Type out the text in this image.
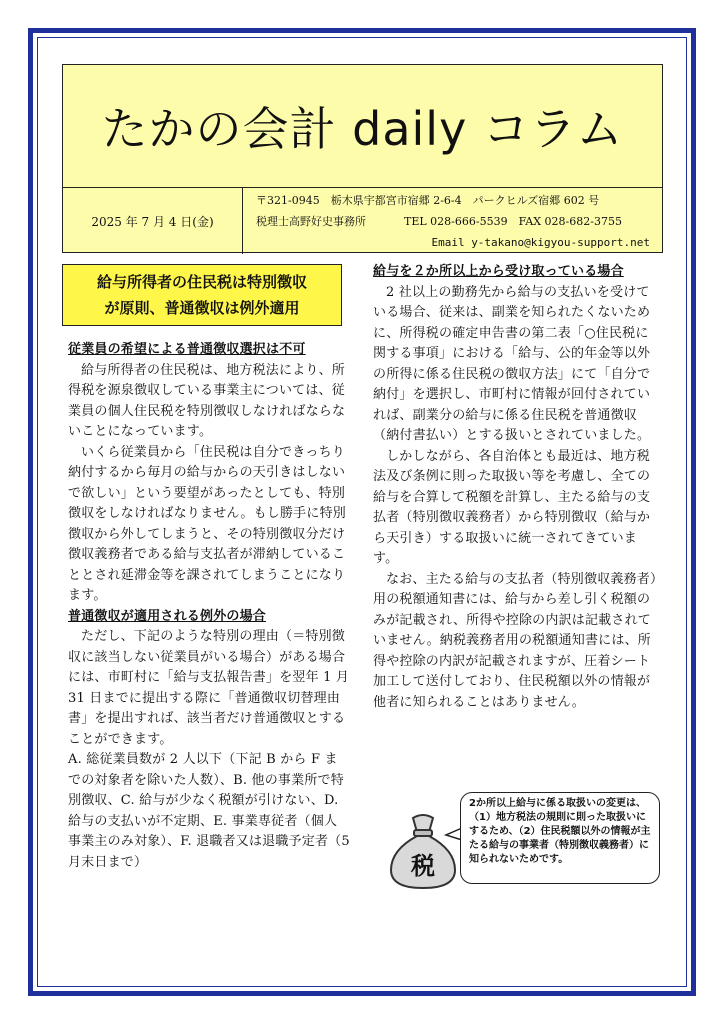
たかの会計 daily コラム
2025 年 7 月 4 日(金)
〒321-0945　栃木県宇都宮市宿郷 2-6-4　パークヒルズ宿郷 602 号
税理士高野好史事務所	TEL 028-666-5539　FAX 028-682-3755
Email y-takano@kigyou-support.net
給与所得者の住民税は特別徴収
が原則、普通徴収は例外適用
従業員の希望による普通徴収選択は不可

給与所得者の住民税は、地方税法により、所得税を源泉徴収している事業主については、従業員の個人住民税を特別徴収しなければならないことになっています。

いくら従業員から「住民税は自分できっちり納付するから毎月の給与からの天引きはしないで欲しい」という要望があったとしても、特別徴収をしなければなりません。もし勝手に特別徴収から外してしまうと、その特別徴収分だけ徴収義務者である給与支払者が滞納していることとされ延滞金等を課されてしまうことになります。

普通徴収が適用される例外の場合

ただし、下記のような特別の理由（＝特別徴収に該当しない従業員がいる場合）がある場合には、市町村に「給与支払報告書」を翌年 1 月 31 日までに提出する際に「普通徴収切替理由書」を提出すれば、該当者だけ普通徴収とすることができます。

A. 総従業員数が 2 人以下（下記 B から F までの対象者を除いた人数）、B. 他の事業所で特別徴収、C. 給与が少なく税額が引けない、D. 給与の支払いが不定期、E. 事業専従者（個人事業主のみ対象）、F. 退職者又は退職予定者（5 月末日まで）

給与を２か所以上から受け取っている場合

2 社以上の勤務先から給与の支払いを受けている場合、従来は、副業を知られたくないために、所得税の確定申告書の第二表「○住民税に関する事項」における「給与、公的年金等以外の所得に係る住民税の徴収方法」にて「自分で納付」を選択し、市町村に情報が回付されていれば、副業分の給与に係る住民税を普通徴収（納付書払い）とする扱いとされていました。

しかしながら、各自治体とも最近は、地方税法及び条例に則った取扱い等を考慮し、全ての給与を合算して税額を計算し、主たる給与の支払者（特別徴収義務者）から特別徴収（給与から天引き）する取扱いに統一されてきています。

なお、主たる給与の支払者（特別徴収義務者）用の税額通知書には、給与から差し引く税額のみが記載され、所得や控除の内訳は記載されていません。納税義務者用の税額通知書には、所得や控除の内訳が記載されますが、圧着シート加工して送付しており、住民税額以外の情報が他者に知られることはありません。

税
2か所以上給与に係る取扱いの変更は、（1）地方税法の規則に則った取扱いにするため、（2）住民税額以外の情報が主たる給与の事業者（特別徴収義務者）に知られないためです。
